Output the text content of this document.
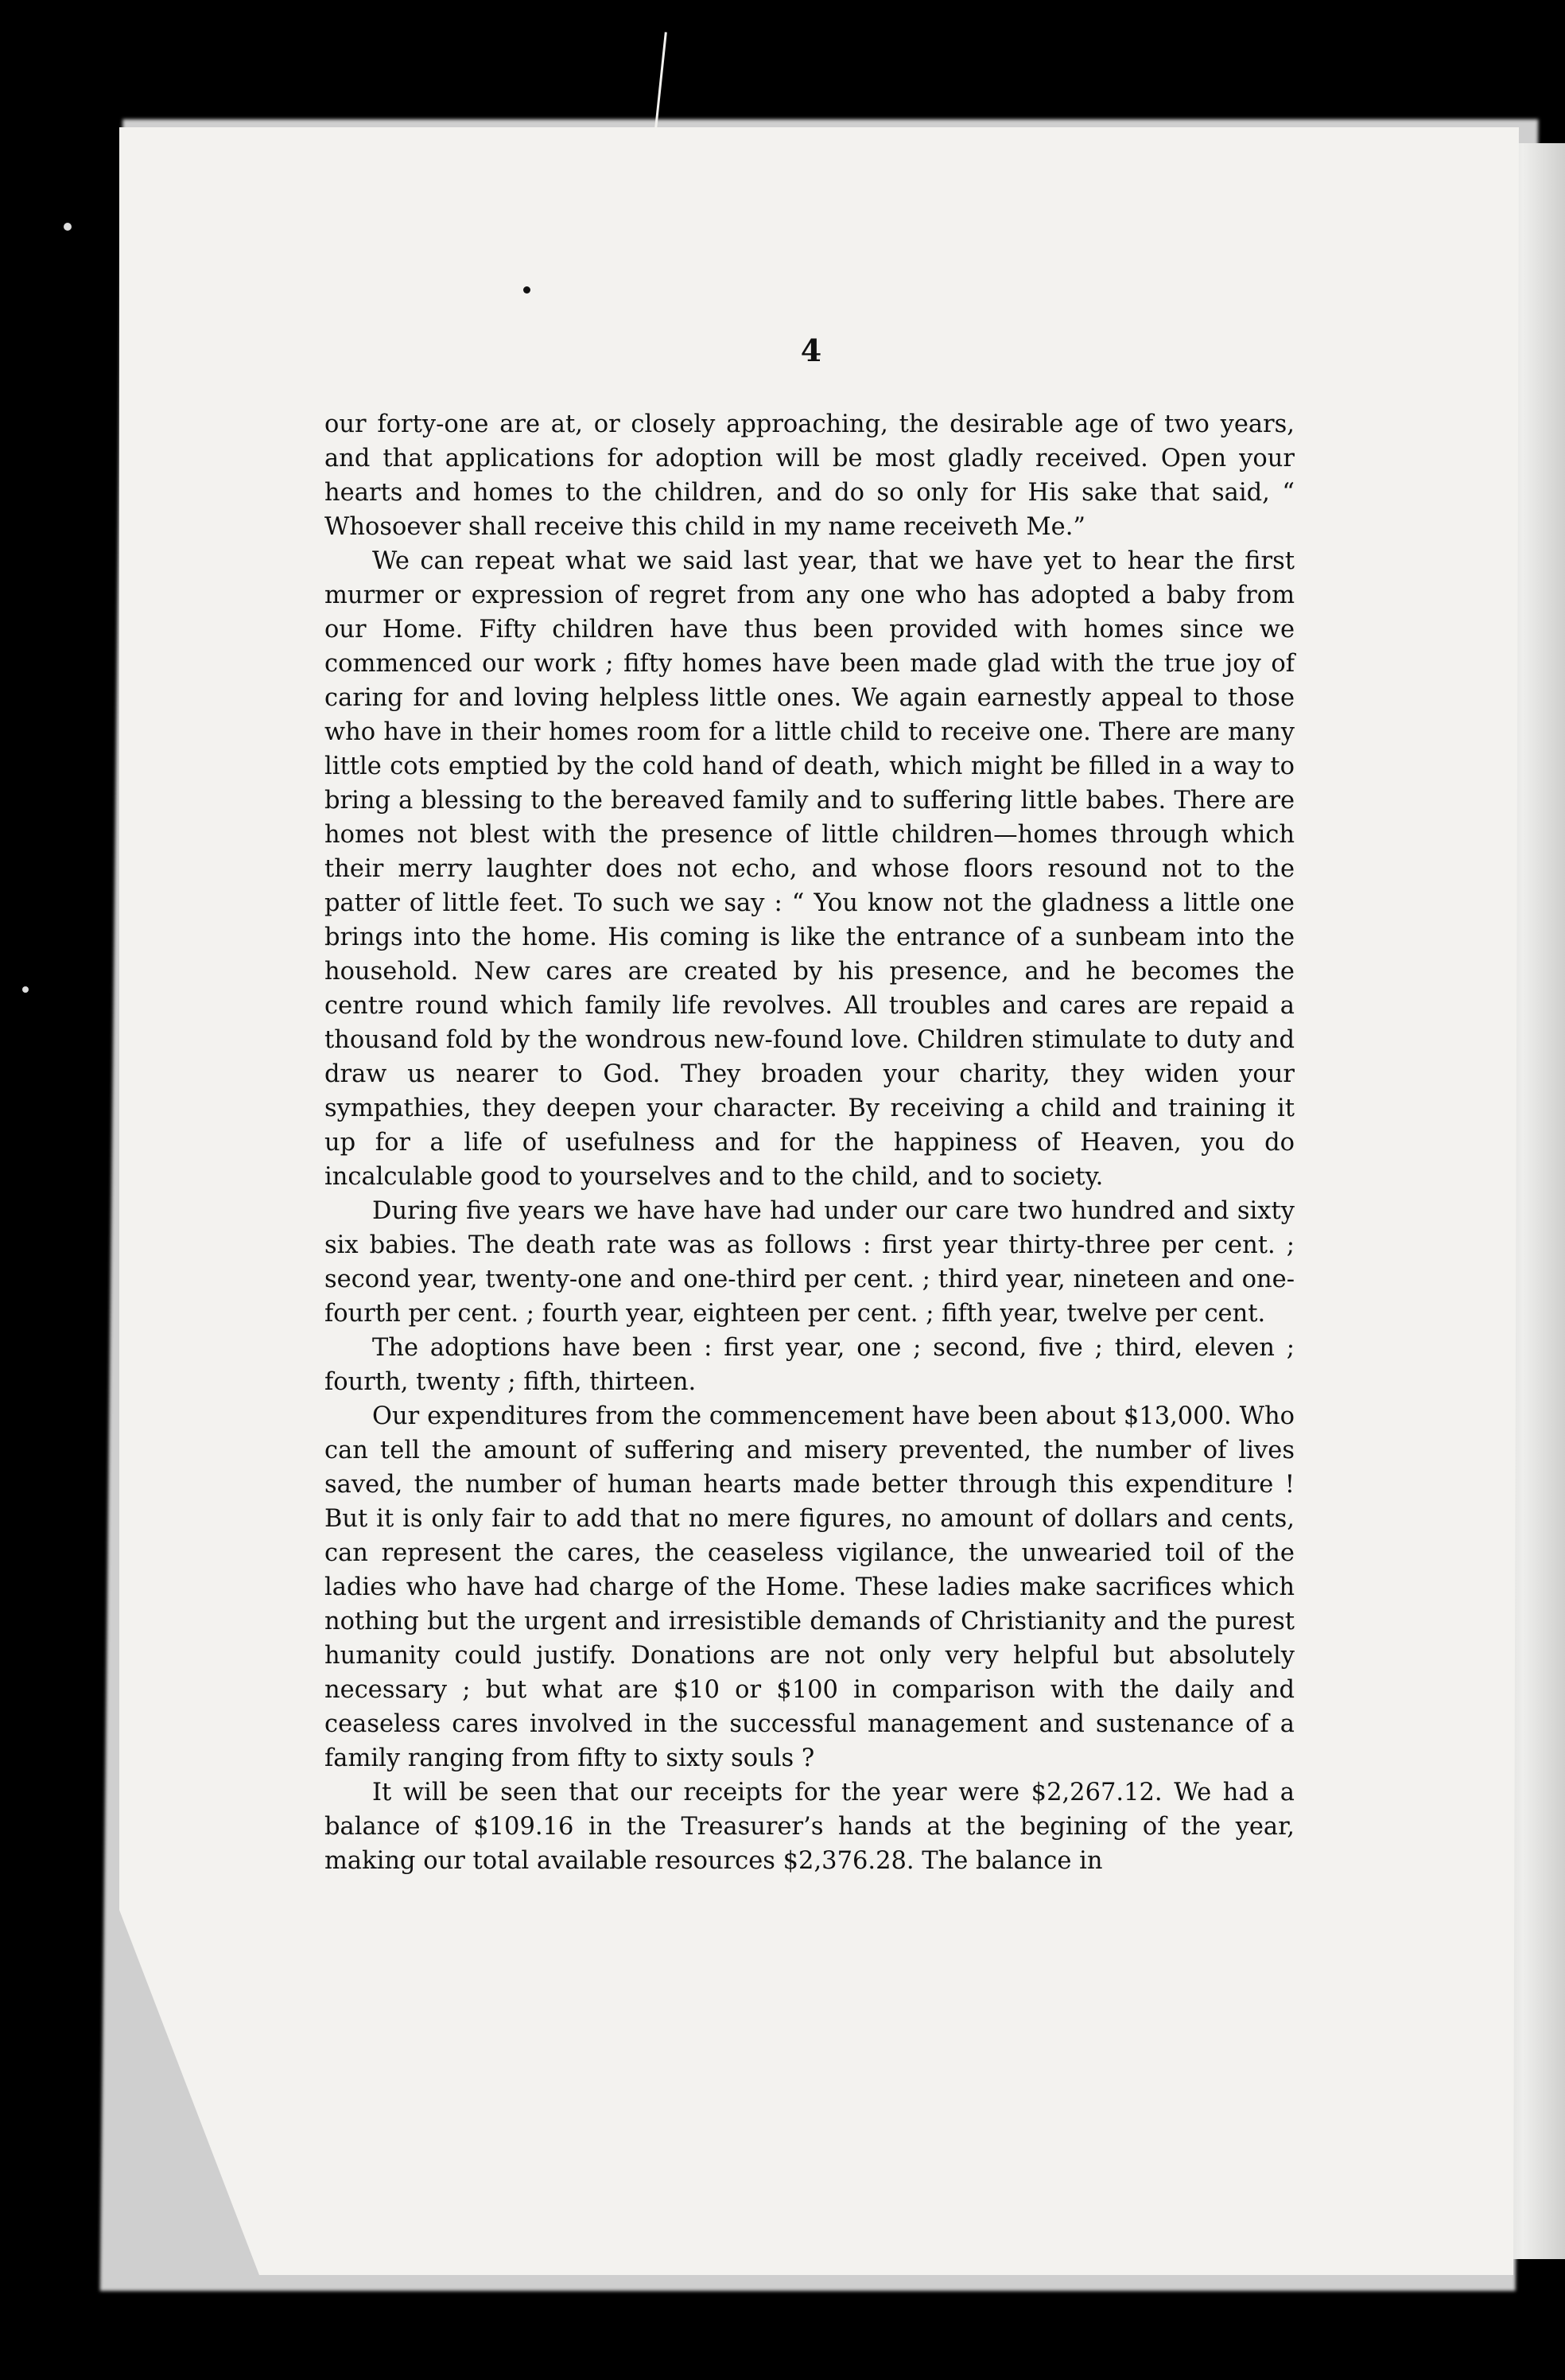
4

our forty-one are at, or closely approaching, the desirable age of two years, and that applications for adoption will be most gladly received. Open your hearts and homes to the children, and do so only for His sake that said, “ Whosoever shall receive this child in my name receiveth Me.”

We can repeat what we said last year, that we have yet to hear the first murmer or expression of regret from any one who has adopted a baby from our Home. Fifty children have thus been provided with homes since we commenced our work ; fifty homes have been made glad with the true joy of caring for and loving helpless little ones. We again earnestly appeal to those who have in their homes room for a little child to receive one. There are many little cots emptied by the cold hand of death, which might be filled in a way to bring a blessing to the bereaved family and to suffering little babes. There are homes not blest with the presence of little children—homes through which their merry laughter does not echo, and whose floors resound not to the patter of little feet. To such we say : “ You know not the gladness a little one brings into the home. His coming is like the entrance of a sunbeam into the household. New cares are created by his presence, and he becomes the centre round which family life revolves. All troubles and cares are repaid a thousand fold by the wondrous new-found love. Children stimulate to duty and draw us nearer to God. They broaden your charity, they widen your sympathies, they deepen your character. By receiving a child and training it up for a life of usefulness and for the happiness of Heaven, you do incalculable good to yourselves and to the child, and to society.

During five years we have have had under our care two hundred and sixty six babies. The death rate was as follows : first year thirty-three per cent. ; second year, twenty-one and one-third per cent. ; third year, nineteen and one-fourth per cent. ; fourth year, eighteen per cent. ; fifth year, twelve per cent.

The adoptions have been : first year, one ; second, five ; third, eleven ; fourth, twenty ; fifth, thirteen.

Our expenditures from the commencement have been about $13,000. Who can tell the amount of suffering and misery prevented, the number of lives saved, the number of human hearts made better through this expenditure ! But it is only fair to add that no mere figures, no amount of dollars and cents, can represent the cares, the ceaseless vigilance, the unwearied toil of the ladies who have had charge of the Home. These ladies make sacrifices which nothing but the urgent and irresistible demands of Christianity and the purest humanity could justify. Donations are not only very helpful but absolutely necessary ; but what are $10 or $100 in comparison with the daily and ceaseless cares involved in the successful management and sustenance of a family ranging from fifty to sixty souls ?

It will be seen that our receipts for the year were $2,267.12. We had a balance of $109.16 in the Treasurer’s hands at the begining of the year, making our total available resources $2,376.28. The balance in
